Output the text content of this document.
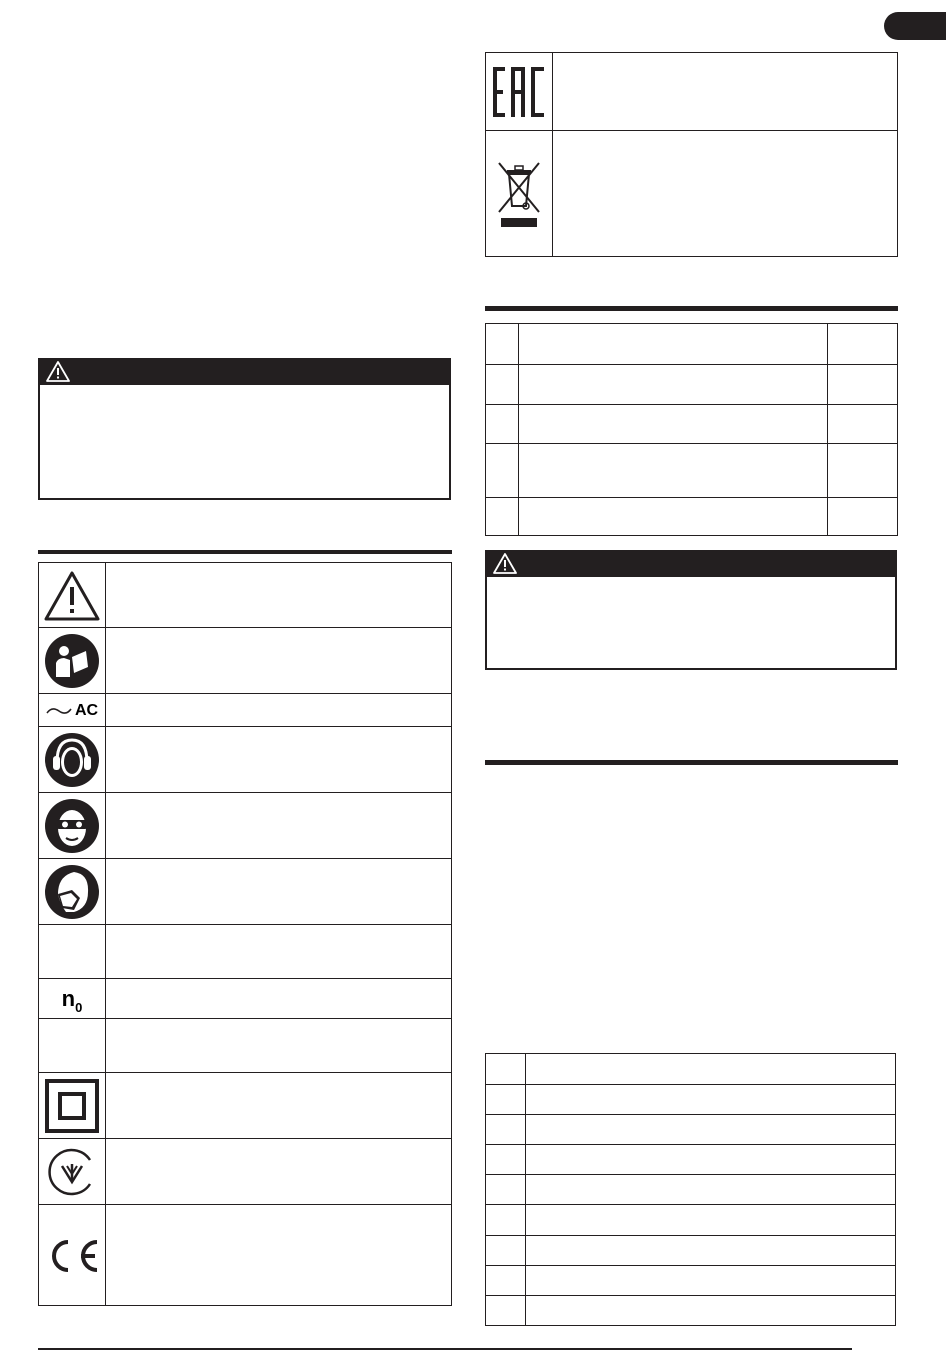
AC
n 0
